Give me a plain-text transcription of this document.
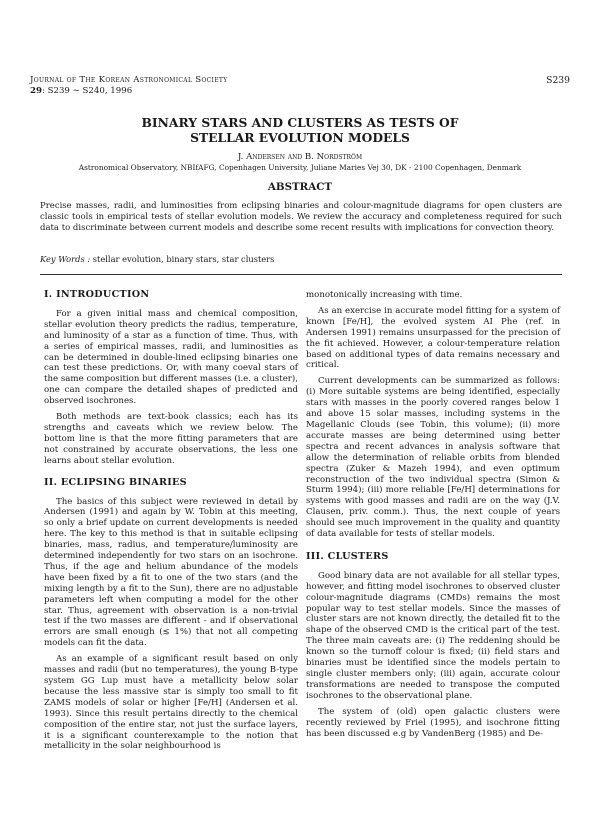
Journal of The Korean Astronomical Society
29: S239 ∼ S240, 1996
S239
BINARY STARS AND CLUSTERS AS TESTS OF
STELLAR EVOLUTION MODELS
J. Andersen and B. Nordström
Astronomical Observatory, NBIfAFG, Copenhagen University, Juliane Maries Vej 30, DK - 2100 Copenhagen, Denmark
ABSTRACT
Precise masses, radii, and luminosities from eclipsing binaries and colour-magnitude diagrams for open clusters are classic tools in empirical tests of stellar evolution models. We review the accuracy and completeness required for such data to discriminate between current models and describe some recent results with implications for convection theory.
Key Words : stellar evolution, binary stars, star clusters
I. INTRODUCTION

For a given initial mass and chemical composition, stellar evolution theory predicts the radius, temperature, and luminosity of a star as a function of time. Thus, with a series of empirical masses, radii, and luminosities as can be determined in double-lined eclipsing binaries one can test these predictions. Or, with many coeval stars of the same composition but different masses (i.e. a cluster), one can compare the detailed shapes of predicted and observed isochrones.

Both methods are text-book classics; each has its strengths and caveats which we review below. The bottom line is that the more fitting parameters that are not constrained by accurate observations, the less one learns about stellar evolution.

II. ECLIPSING BINARIES

The basics of this subject were reviewed in detail by Andersen (1991) and again by W. Tobin at this meeting, so only a brief update on current developments is needed here. The key to this method is that in suitable eclipsing binaries, mass, radius, and temperature/luminosity are determined independently for two stars on an isochrone. Thus, if the age and helium abundance of the models have been fixed by a fit to one of the two stars (and the mixing length by a fit to the Sun), there are no adjustable parameters left when computing a model for the other star. Thus, agreement with observation is a non-trivial test if the two masses are different - and if observational errors are small enough (≲ 1%) that not all competing models can fit the data.

As an example of a significant result based on only masses and radii (but no temperatures), the young B-type system GG Lup must have a metallicity below solar because the less massive star is simply too small to fit ZAMS models of solar or higher [Fe/H] (Andersen et al. 1993). Since this result pertains directly to the chemical composition of the entire star, not just the surface layers, it is a significant counterexample to the notion that metallicity in the solar neighbourhood is

monotonically increasing with time.

As an exercise in accurate model fitting for a system of known [Fe/H], the evolved system AI Phe (ref. in Andersen 1991) remains unsurpassed for the precision of the fit achieved. However, a colour-temperature relation based on additional types of data remains necessary and critical.

Current developments can be summarized as follows: (i) More suitable systems are being identified, especially stars with masses in the poorly covered ranges below 1 and above 15 solar masses, including systems in the Magellanic Clouds (see Tobin, this volume); (ii) more accurate masses are being determined using better spectra and recent advances in analysis software that allow the determination of reliable orbits from blended spectra (Zuker & Mazeh 1994), and even optimum reconstruction of the two individual spectra (Simon & Sturm 1994); (iii) more reliable [Fe/H] determinations for systems with good masses and radii are on the way (J.V. Clausen, priv. comm.). Thus, the next couple of years should see much improvement in the quality and quantity of data available for tests of stellar models.

III. CLUSTERS

Good binary data are not available for all stellar types, however, and fitting model isochrones to observed cluster colour-magnitude diagrams (CMDs) remains the most popular way to test stellar models. Since the masses of cluster stars are not known directly, the detailed fit to the shape of the observed CMD is the critical part of the test. The three main caveats are: (i) The reddening should be known so the turnoff colour is fixed; (ii) field stars and binaries must be identified since the models pertain to single cluster members only; (iii) again, accurate colour transformations are needed to transpose the computed isochrones to the observational plane.

The system of (old) open galactic clusters were recently reviewed by Friel (1995), and isochrone fitting has been discussed e.g by VandenBerg (1985) and De-
